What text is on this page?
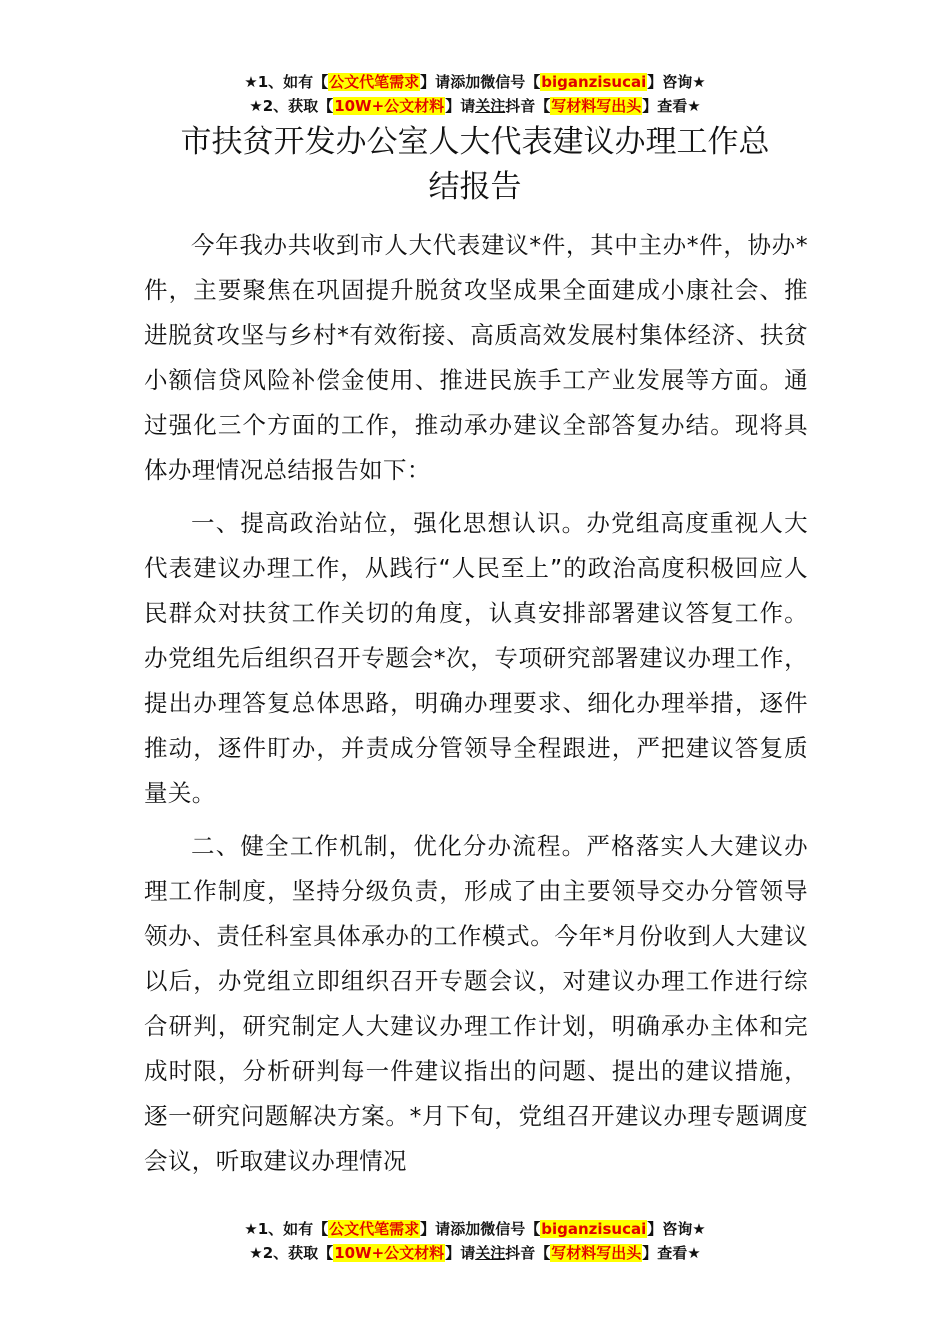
★1、如有【公文代笔需求】请添加微信号【biganzisucai】咨询★
★2、获取【10W+公文材料】请关注抖音【写材料写出头】查看★
市扶贫开发办公室人大代表建议办理工作总
结报告

今年我办共收到市人大代表建议*件，其中主办*件，协办*件，主要聚焦在巩固提升脱贫攻坚成果全面建成小康社会、推进脱贫攻坚与乡村*有效衔接、高质高效发展村集体经济、扶贫小额信贷风险补偿金使用、推进民族手工产业发展等方面。通过强化三个方面的工作，推动承办建议全部答复办结。现将具体办理情况总结报告如下：

一、提高政治站位，强化思想认识。办党组高度重视人大代表建议办理工作，从践行“人民至上”的政治高度积极回应人民群众对扶贫工作关切的角度，认真安排部署建议答复工作。办党组先后组织召开专题会*次，专项研究部署建议办理工作，提出办理答复总体思路，明确办理要求、细化办理举措，逐件推动，逐件盯办，并责成分管领导全程跟进，严把建议答复质量关。

二、健全工作机制，优化分办流程。严格落实人大建议办理工作制度，坚持分级负责，形成了由主要领导交办分管领导领办、责任科室具体承办的工作模式。今年*月份收到人大建议以后，办党组立即组织召开专题会议，对建议办理工作进行综合研判，研究制定人大建议办理工作计划，明确承办主体和完成时限，分析研判每一件建议指出的问题、提出的建议措施，逐一研究问题解决方案。*月下旬，党组召开建议办理专题调度会议，听取建议办理情况

★1、如有【公文代笔需求】请添加微信号【biganzisucai】咨询★
★2、获取【10W+公文材料】请关注抖音【写材料写出头】查看★
